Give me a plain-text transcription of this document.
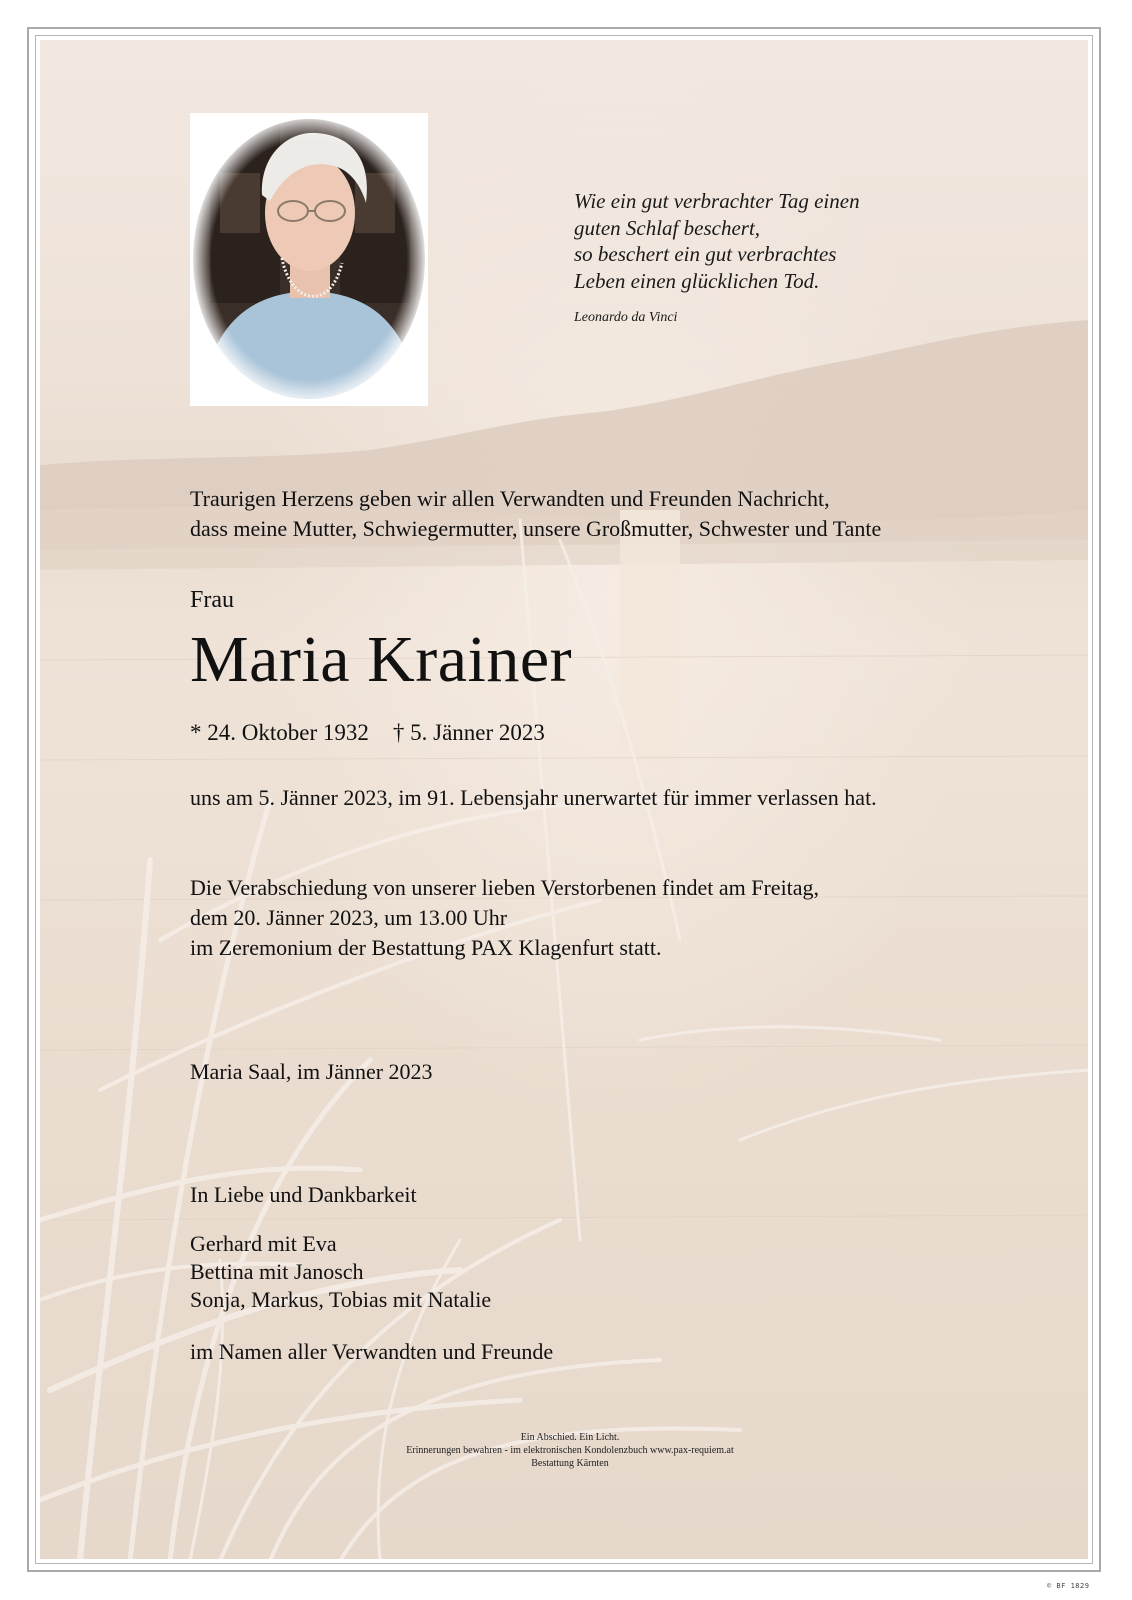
Wie ein gut verbrachter Tag einen
guten Schlaf beschert,
so beschert ein gut verbrachtes
Leben einen glücklichen Tod.
Leonardo da Vinci
Traurigen Herzens geben wir allen Verwandten und Freunden Nachricht,
dass meine Mutter, Schwiegermutter, unsere Großmutter, Schwester und Tante
Frau
Maria Krainer
* 24. Oktober 1932 † 5. Jänner 2023
uns am 5. Jänner 2023, im 91. Lebensjahr unerwartet für immer verlassen hat.
Die Verabschiedung von unserer lieben Verstorbenen findet am Freitag,
dem 20. Jänner 2023, um 13.00 Uhr
im Zeremonium der Bestattung PAX Klagenfurt statt.
Maria Saal, im Jänner 2023
In Liebe und Dankbarkeit
Gerhard mit Eva
Bettina mit Janosch
Sonja, Markus, Tobias mit Natalie
im Namen aller Verwandten und Freunde
Ein Abschied. Ein Licht.
Erinnerungen bewahren - im elektronischen Kondolenzbuch www.pax-requiem.at
Bestattung Kärnten
© BF 1829
